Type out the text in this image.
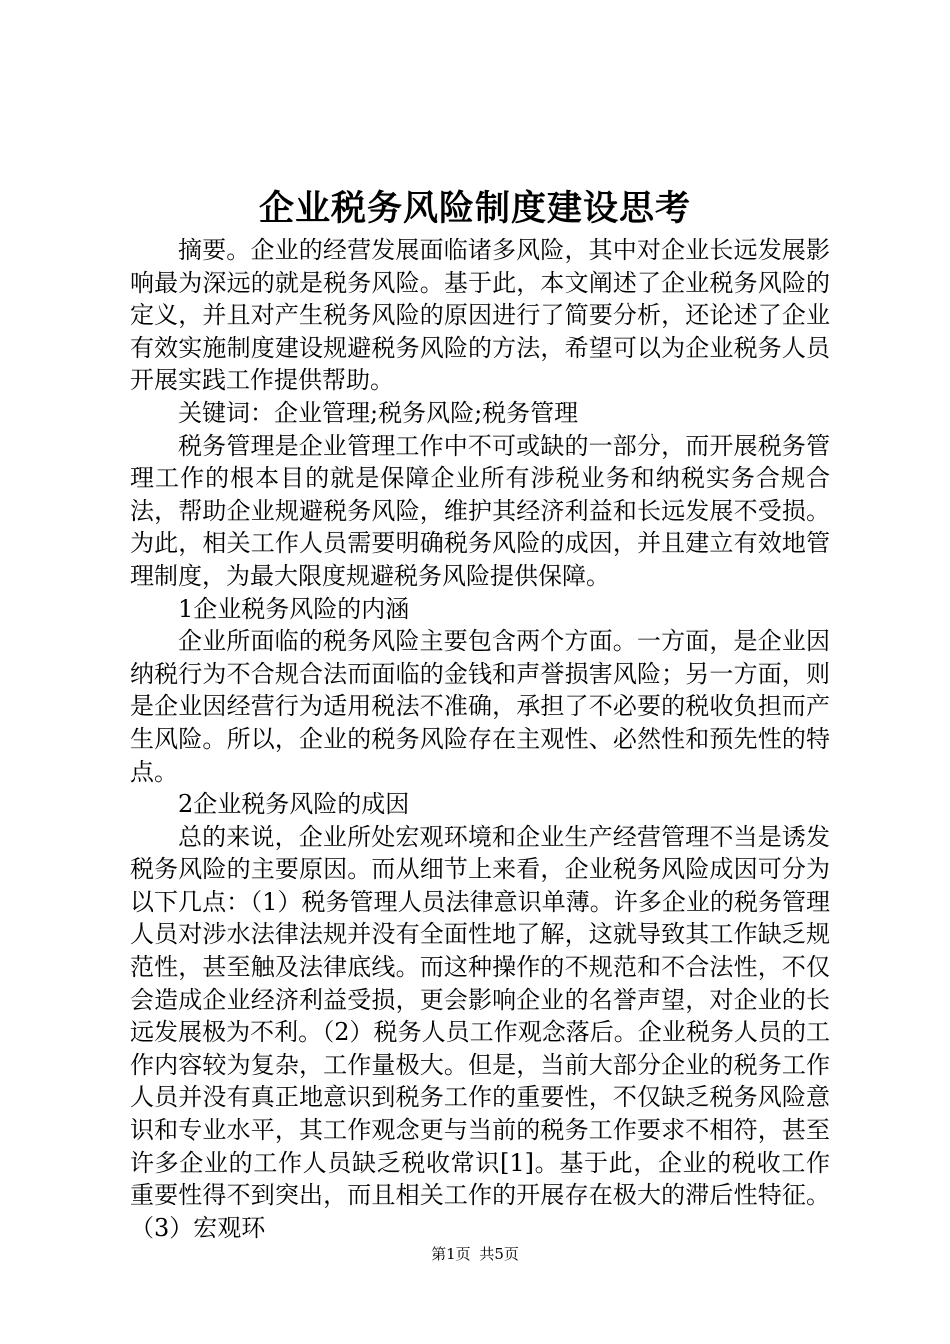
企业税务风险制度建设思考

摘要。企业的经营发展面临诸多风险，其中对企业长远发展影响最为深远的就是税务风险。基于此，本文阐述了企业税务风险的定义，并且对产生税务风险的原因进行了简要分析，还论述了企业有效实施制度建设规避税务风险的方法，希望可以为企业税务人员开展实践工作提供帮助。

关键词：企业管理;税务风险;税务管理

税务管理是企业管理工作中不可或缺的一部分，而开展税务管理工作的根本目的就是保障企业所有涉税业务和纳税实务合规合法，帮助企业规避税务风险，维护其经济利益和长远发展不受损。为此，相关工作人员需要明确税务风险的成因，并且建立有效地管理制度，为最大限度规避税务风险提供保障。

1企业税务风险的内涵

企业所面临的税务风险主要包含两个方面。一方面，是企业因纳税行为不合规合法而面临的金钱和声誉损害风险；另一方面，则是企业因经营行为适用税法不准确，承担了不必要的税收负担而产生风险。所以，企业的税务风险存在主观性、必然性和预先性的特点。

2企业税务风险的成因

总的来说，企业所处宏观环境和企业生产经营管理不当是诱发税务风险的主要原因。而从细节上来看，企业税务风险成因可分为以下几点：（1）税务管理人员法律意识单薄。许多企业的税务管理人员对涉水法律法规并没有全面性地了解，这就导致其工作缺乏规范性，甚至触及法律底线。而这种操作的不规范和不合法性，不仅会造成企业经济利益受损，更会影响企业的名誉声望，对企业的长远发展极为不利。（2）税务人员工作观念落后。企业税务人员的工作内容较为复杂，工作量极大。但是，当前大部分企业的税务工作人员并没有真正地意识到税务工作的重要性，不仅缺乏税务风险意识和专业水平，其工作观念更与当前的税务工作要求不相符，甚至许多企业的工作人员缺乏税收常识[1]。基于此，企业的税收工作重要性得不到突出，而且相关工作的开展存在极大的滞后性特征。（3）宏观环

第1页 共5页
